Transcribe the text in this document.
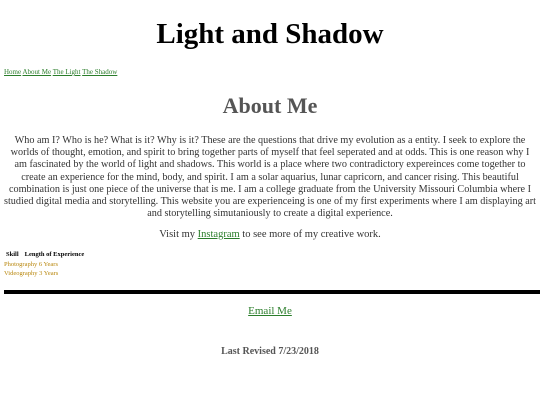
Light and Shadow
Home About Me The Light The Shadow
About Me

Who am I? Who is he? What is it? Why is it? These are the questions that drive my evolution as a entity. I seek to explore the worlds of thought, emotion, and spirit to bring together parts of myself that feel seperated and at odds. This is one reason why I am fascinated by the world of light and shadows. This world is a place where two contradictory expereinces come together to create an experience for the mind, body, and spirit. I am a solar aquarius, lunar capricorn, and cancer rising. This beautiful combination is just one piece of the universe that is me. I am a college graduate from the University Missouri Columbia where I studied digital media and storytelling. This website you are experienceing is one of my first experiments where I am displaying art and storytelling simutaniously to create a digital experience.

Visit my Instagram to see more of my creative work.
Skill	Length of Experience
Photography 6 Years
Videography 3 Years
Email Me
Last Revised 7/23/2018
